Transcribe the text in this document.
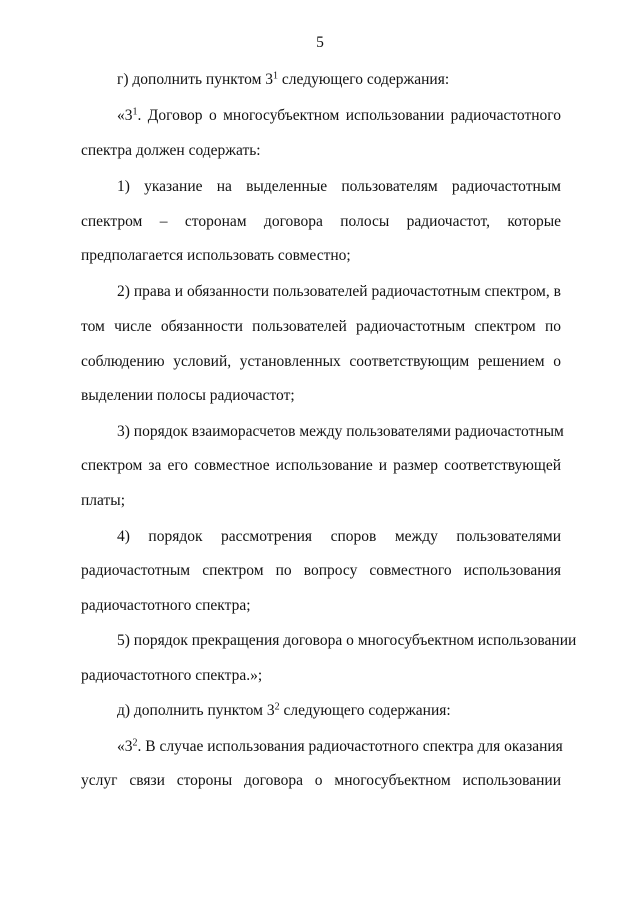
5
г) дополнить пунктом $3^1$ следующего содержания:
«$3^1$. Договор о многосубъектном использовании радиочастотного
спектра должен содержать:
1) указание на выделенные пользователям радиочастотным
спектром – сторонам договора полосы радиочастот, которые
предполагается использовать совместно;
2) права и обязанности пользователей радиочастотным спектром, в
том числе обязанности пользователей радиочастотным спектром по
соблюдению условий, установленных соответствующим решением о
выделении полосы радиочастот;
3) порядок взаиморасчетов между пользователями радиочастотным
спектром за его совместное использование и размер соответствующей
платы;
4) порядок рассмотрения споров между пользователями
радиочастотным спектром по вопросу совместного использования
радиочастотного спектра;
5) порядок прекращения договора о многосубъектном использовании
радиочастотного спектра.»;
д) дополнить пунктом $3^2$ следующего содержания:
«$3^2$. В случае использования радиочастотного спектра для оказания
услуг связи стороны договора о многосубъектном использовании
